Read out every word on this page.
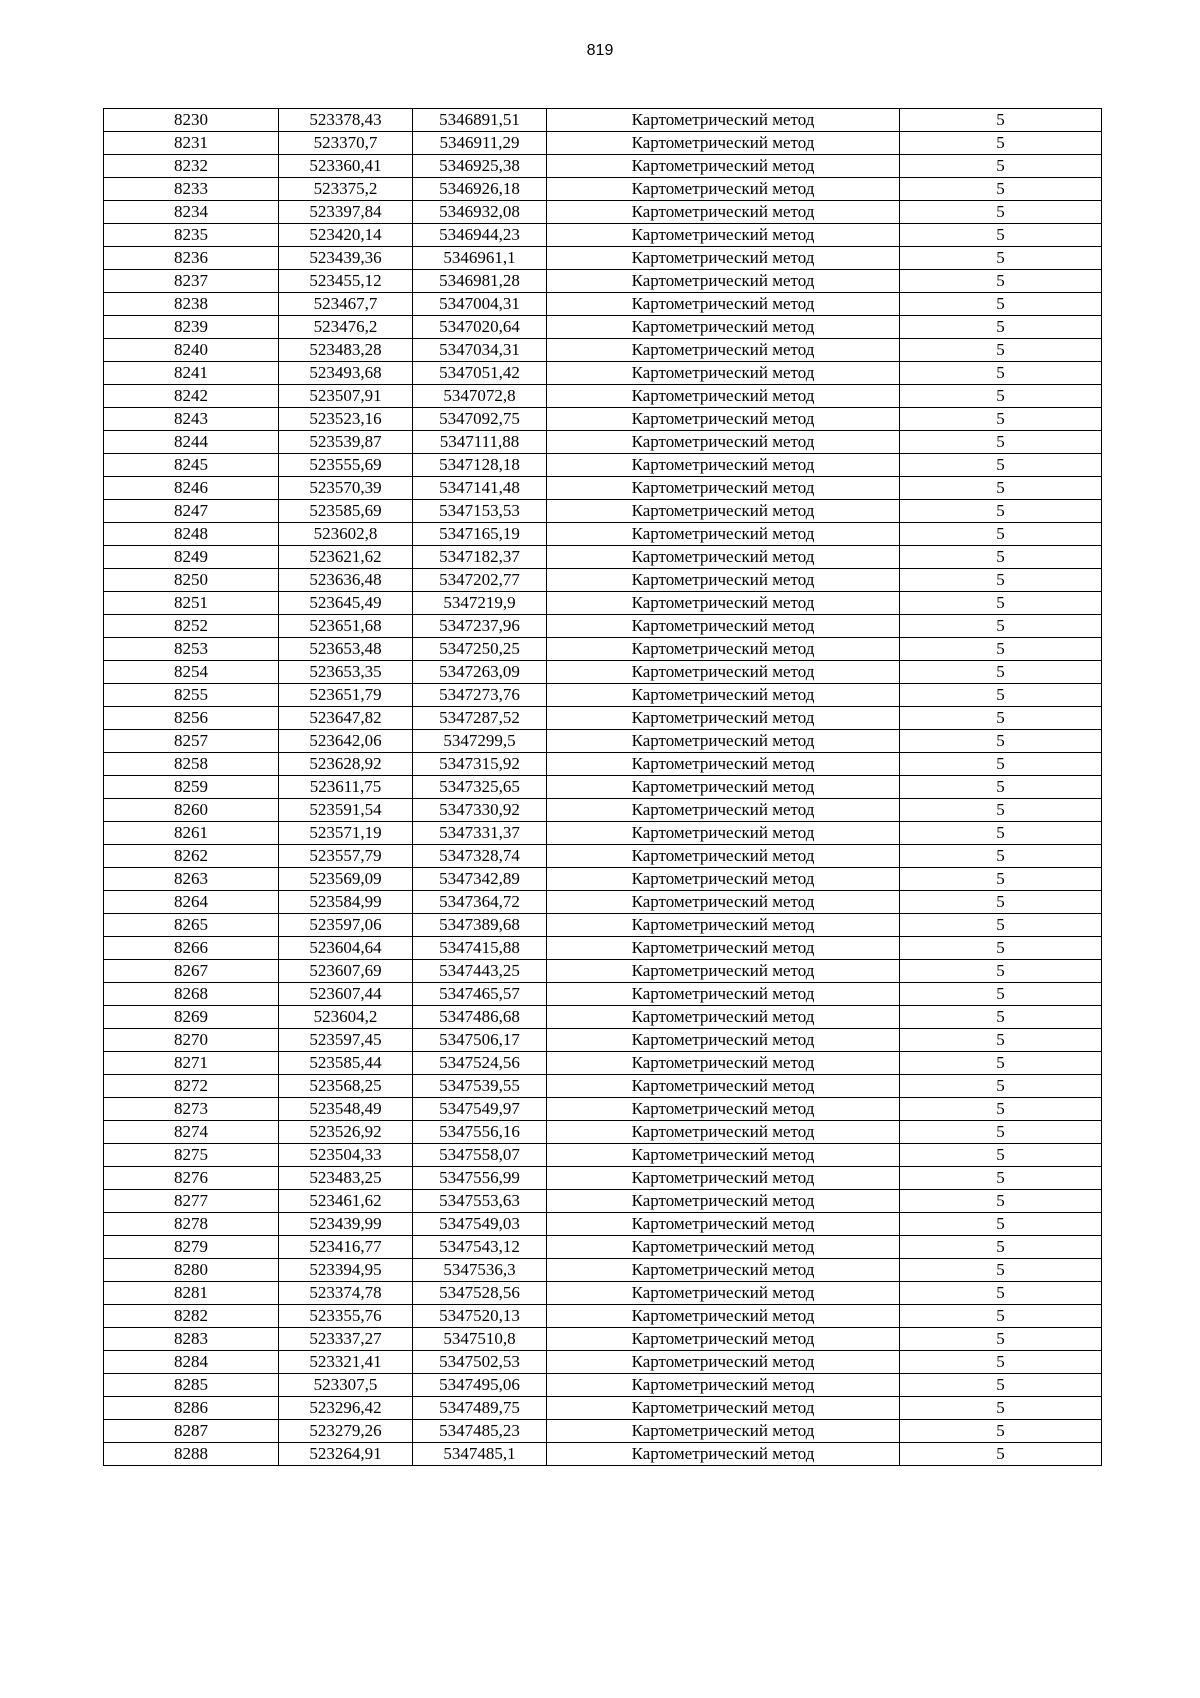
819
8230	523378,43	5346891,51	Картометрический метод	5
8231	523370,7	5346911,29	Картометрический метод	5
8232	523360,41	5346925,38	Картометрический метод	5
8233	523375,2	5346926,18	Картометрический метод	5
8234	523397,84	5346932,08	Картометрический метод	5
8235	523420,14	5346944,23	Картометрический метод	5
8236	523439,36	5346961,1	Картометрический метод	5
8237	523455,12	5346981,28	Картометрический метод	5
8238	523467,7	5347004,31	Картометрический метод	5
8239	523476,2	5347020,64	Картометрический метод	5
8240	523483,28	5347034,31	Картометрический метод	5
8241	523493,68	5347051,42	Картометрический метод	5
8242	523507,91	5347072,8	Картометрический метод	5
8243	523523,16	5347092,75	Картометрический метод	5
8244	523539,87	5347111,88	Картометрический метод	5
8245	523555,69	5347128,18	Картометрический метод	5
8246	523570,39	5347141,48	Картометрический метод	5
8247	523585,69	5347153,53	Картометрический метод	5
8248	523602,8	5347165,19	Картометрический метод	5
8249	523621,62	5347182,37	Картометрический метод	5
8250	523636,48	5347202,77	Картометрический метод	5
8251	523645,49	5347219,9	Картометрический метод	5
8252	523651,68	5347237,96	Картометрический метод	5
8253	523653,48	5347250,25	Картометрический метод	5
8254	523653,35	5347263,09	Картометрический метод	5
8255	523651,79	5347273,76	Картометрический метод	5
8256	523647,82	5347287,52	Картометрический метод	5
8257	523642,06	5347299,5	Картометрический метод	5
8258	523628,92	5347315,92	Картометрический метод	5
8259	523611,75	5347325,65	Картометрический метод	5
8260	523591,54	5347330,92	Картометрический метод	5
8261	523571,19	5347331,37	Картометрический метод	5
8262	523557,79	5347328,74	Картометрический метод	5
8263	523569,09	5347342,89	Картометрический метод	5
8264	523584,99	5347364,72	Картометрический метод	5
8265	523597,06	5347389,68	Картометрический метод	5
8266	523604,64	5347415,88	Картометрический метод	5
8267	523607,69	5347443,25	Картометрический метод	5
8268	523607,44	5347465,57	Картометрический метод	5
8269	523604,2	5347486,68	Картометрический метод	5
8270	523597,45	5347506,17	Картометрический метод	5
8271	523585,44	5347524,56	Картометрический метод	5
8272	523568,25	5347539,55	Картометрический метод	5
8273	523548,49	5347549,97	Картометрический метод	5
8274	523526,92	5347556,16	Картометрический метод	5
8275	523504,33	5347558,07	Картометрический метод	5
8276	523483,25	5347556,99	Картометрический метод	5
8277	523461,62	5347553,63	Картометрический метод	5
8278	523439,99	5347549,03	Картометрический метод	5
8279	523416,77	5347543,12	Картометрический метод	5
8280	523394,95	5347536,3	Картометрический метод	5
8281	523374,78	5347528,56	Картометрический метод	5
8282	523355,76	5347520,13	Картометрический метод	5
8283	523337,27	5347510,8	Картометрический метод	5
8284	523321,41	5347502,53	Картометрический метод	5
8285	523307,5	5347495,06	Картометрический метод	5
8286	523296,42	5347489,75	Картометрический метод	5
8287	523279,26	5347485,23	Картометрический метод	5
8288	523264,91	5347485,1	Картометрический метод	5
